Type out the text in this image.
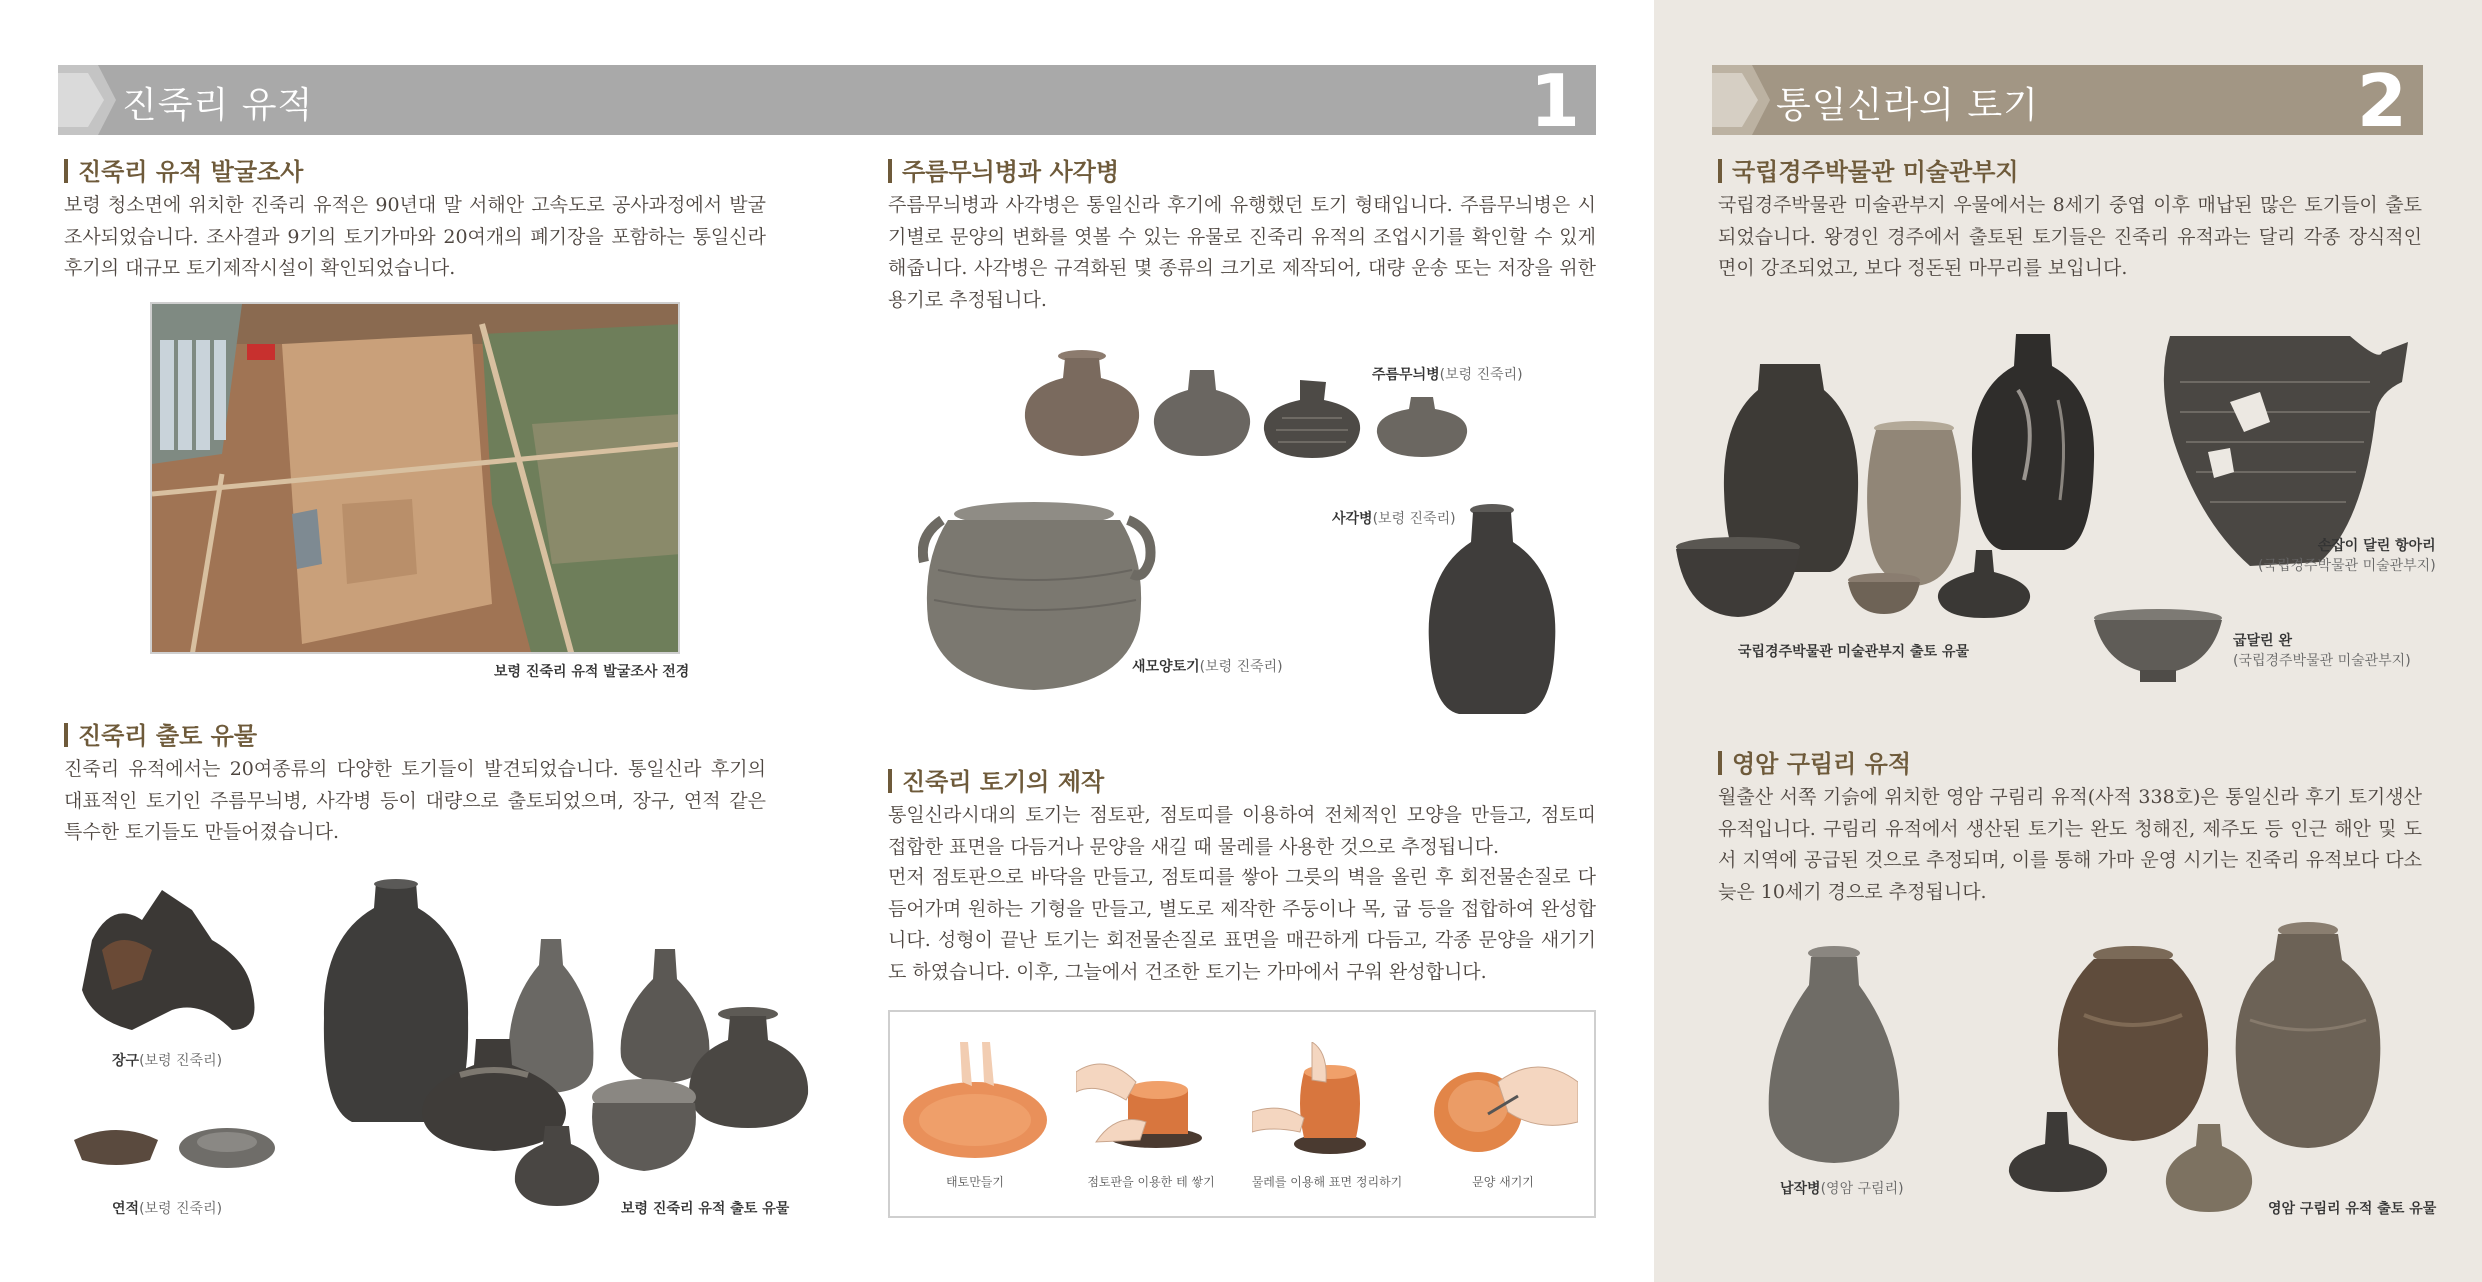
진죽리 유적	1
진죽리 유적 발굴조사
보령 청소면에 위치한 진죽리 유적은 90년대 말 서해안 고속도로 공사과정에서 발굴조사되었습니다. 조사결과 9기의 토기가마와 20여개의 폐기장을 포함하는 통일신라 후기의 대규모 토기제작시설이 확인되었습니다.
보령 진죽리 유적 발굴조사 전경
진죽리 출토 유물
진죽리 유적에서는 20여종류의 다양한 토기들이 발견되었습니다. 통일신라 후기의 대표적인 토기인 주름무늬병, 사각병 등이 대량으로 출토되었으며, 장구, 연적 같은 특수한 토기들도 만들어졌습니다.
장구(보령 진죽리)
연적(보령 진죽리)	보령 진죽리 유적 출토 유물
주름무늬병과 사각병
주름무늬병과 사각병은 통일신라 후기에 유행했던 토기 형태입니다. 주름무늬병은 시기별로 문양의 변화를 엿볼 수 있는 유물로 진죽리 유적의 조업시기를 확인할 수 있게 해줍니다. 사각병은 규격화된 몇 종류의 크기로 제작되어, 대량 운송 또는 저장을 위한 용기로 추정됩니다.
주름무늬병(보령 진죽리)
새모양토기(보령 진죽리)
사각병(보령 진죽리)
진죽리 토기의 제작
통일신라시대의 토기는 점토판, 점토띠를 이용하여 전체적인 모양을 만들고, 점토띠 접합한 표면을 다듬거나 문양을 새길 때 물레를 사용한 것으로 추정됩니다.
먼저 점토판으로 바닥을 만들고, 점토띠를 쌓아 그릇의 벽을 올린 후 회전물손질로 다듬어가며 원하는 기형을 만들고, 별도로 제작한 주둥이나 목, 굽 등을 접합하여 완성합니다. 성형이 끝난 토기는 회전물손질로 표면을 매끈하게 다듬고, 각종 문양을 새기기도 하였습니다. 이후, 그늘에서 건조한 토기는 가마에서 구워 완성합니다.
태토만들기	점토판을 이용한 테 쌓기	물레를 이용해 표면 정리하기	문양 새기기
통일신라의 토기	2
국립경주박물관 미술관부지
국립경주박물관 미술관부지 우물에서는 8세기 중엽 이후 매납된 많은 토기들이 출토되었습니다. 왕경인 경주에서 출토된 토기들은 진죽리 유적과는 달리 각종 장식적인 면이 강조되었고, 보다 정돈된 마무리를 보입니다.
손잡이 달린 항아리
(국립경주박물관 미술관부지)
국립경주박물관 미술관부지 출토 유물
굽달린 완
(국립경주박물관 미술관부지)
영암 구림리 유적
월출산 서쪽 기슭에 위치한 영암 구림리 유적(사적 338호)은 통일신라 후기 토기생산 유적입니다. 구림리 유적에서 생산된 토기는 완도 청해진, 제주도 등 인근 해안 및 도서 지역에 공급된 것으로 추정되며, 이를 통해 가마 운영 시기는 진죽리 유적보다 다소 늦은 10세기 경으로 추정됩니다.
납작병(영암 구림리)
영암 구림리 유적 출토 유물
